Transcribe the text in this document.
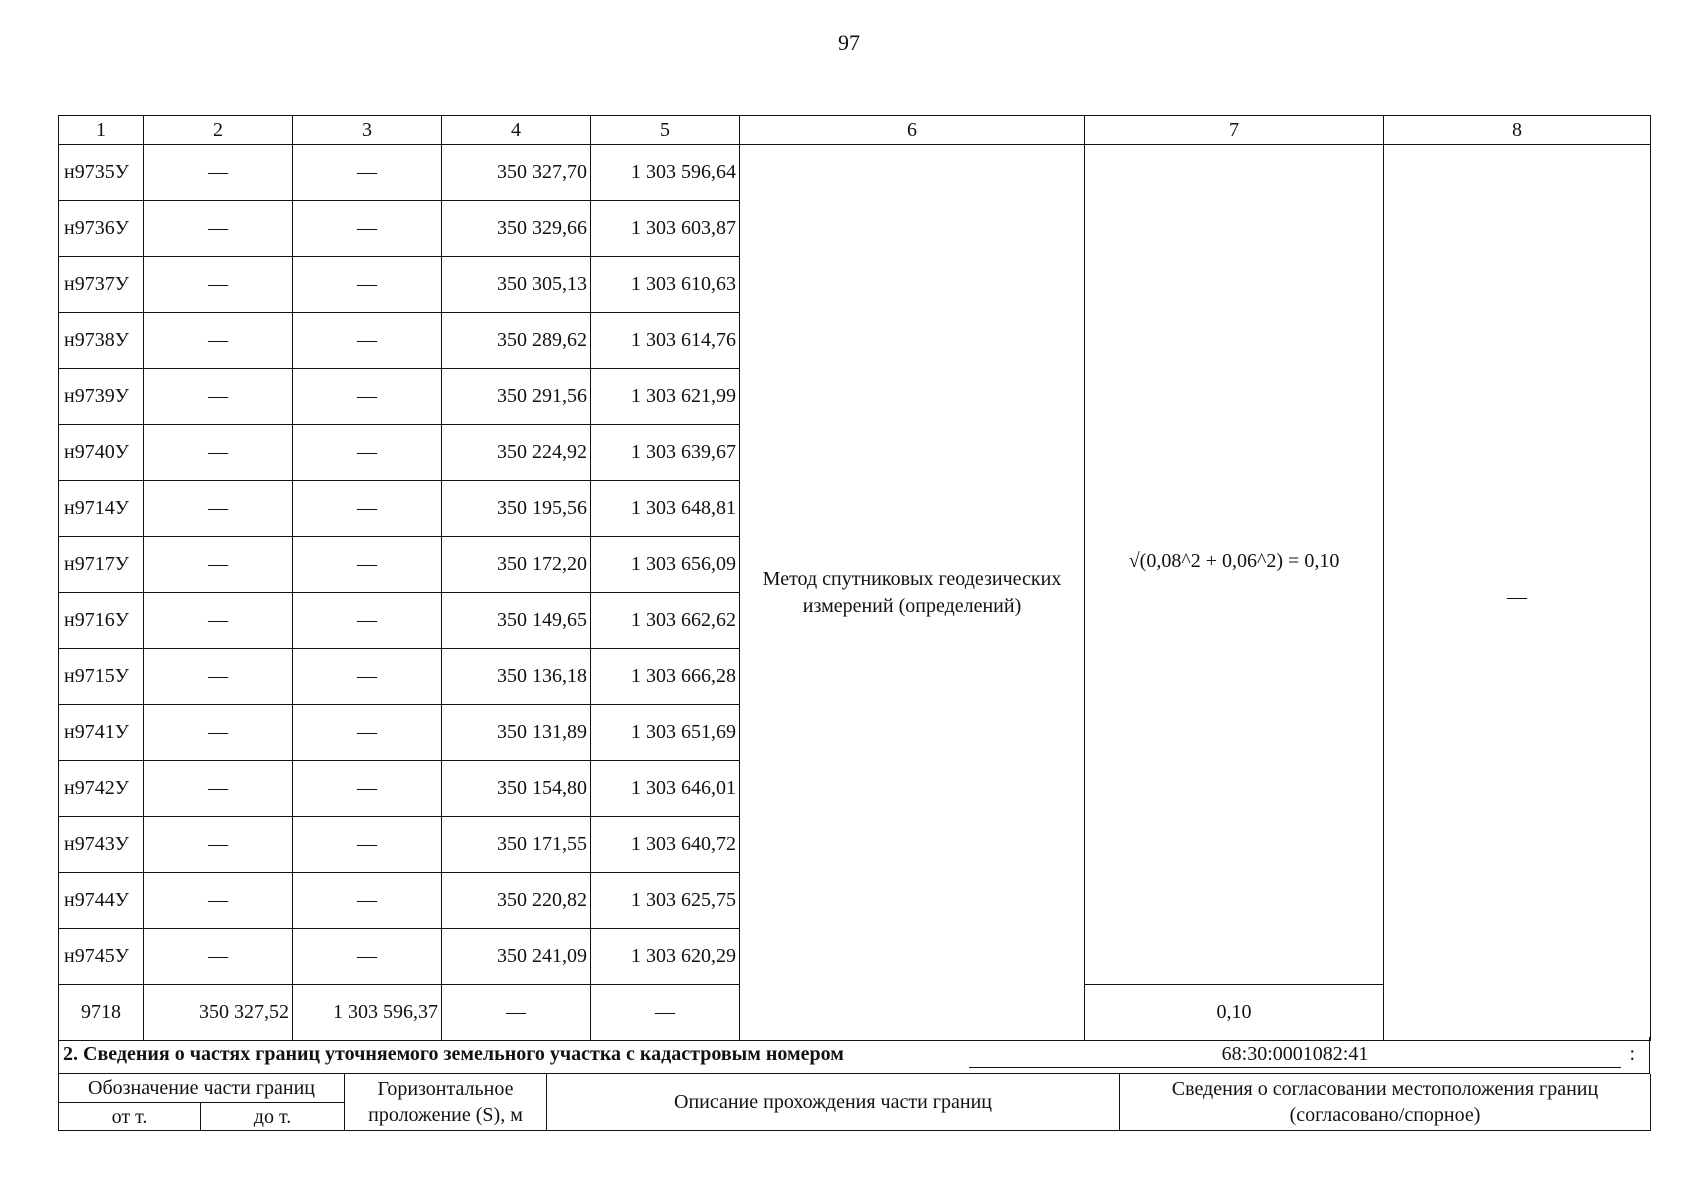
97
1	2	3	4	5	6	7	8
н9735У	—	—	350 327,70	1 303 596,64	Метод спутниковых геодезических измерений (определений)	√(0,08^2 + 0,06^2) = 0,10	—
н9736У	—	—	350 329,66	1 303 603,87			
н9737У	—	—	350 305,13	1 303 610,63			
н9738У	—	—	350 289,62	1 303 614,76			
н9739У	—	—	350 291,56	1 303 621,99			
н9740У	—	—	350 224,92	1 303 639,67			
н9714У	—	—	350 195,56	1 303 648,81			
н9717У	—	—	350 172,20	1 303 656,09			
н9716У	—	—	350 149,65	1 303 662,62			
н9715У	—	—	350 136,18	1 303 666,28			
н9741У	—	—	350 131,89	1 303 651,69			
н9742У	—	—	350 154,80	1 303 646,01			
н9743У	—	—	350 171,55	1 303 640,72			
н9744У	—	—	350 220,82	1 303 625,75			
н9745У	—	—	350 241,09	1 303 620,29			
9718	350 327,52	1 303 596,37	—	—		0,10	
2. Сведения о частях границ уточняемого земельного участка с кадастровым номером	68:30:0001082:41	:
Обозначение части границ		Горизонтальное проложение (S), м	Описание прохождения части границ	Сведения о согласовании местоположения границ (согласовано/спорное)
от т.	до т.			
